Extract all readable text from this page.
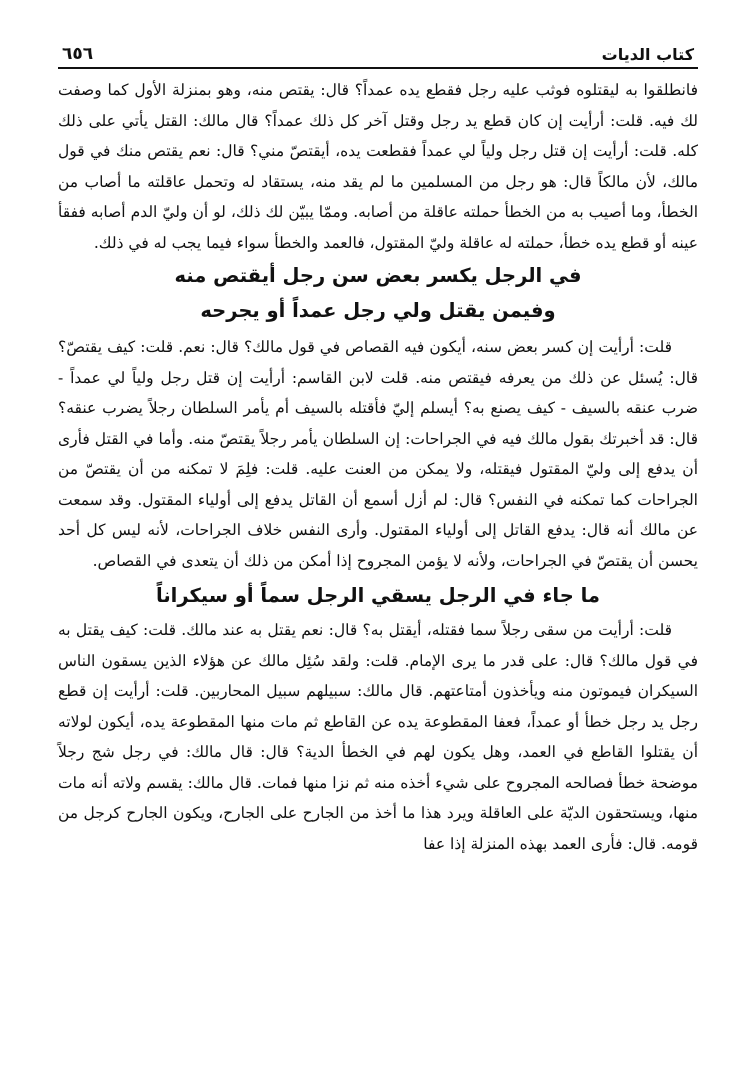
كتاب الديات
٦٥٦

فانطلقوا به ليقتلوه فوثب عليه رجل فقطع يده عمداً؟ قال: يقتص منه، وهو بمنزلة الأول كما وصفت لك فيه. قلت: أرأيت إن كان قطع يد رجل وقتل آخر كل ذلك عمداً؟ قال مالك: القتل يأتي على ذلك كله. قلت: أرأيت إن قتل رجل ولياً لي عمداً فقطعت يده، أيقتصّ مني؟ قال: نعم يقتص منك في قول مالك، لأن مالكاً قال: هو رجل من المسلمين ما لم يقد منه، يستقاد له وتحمل عاقلته ما أصاب من الخطأ، وما أصيب به من الخطأ حملته عاقلة من أصابه. وممّا يبيّن لك ذلك، لو أن وليّ الدم أصابه ففقأ عينه أو قطع يده خطأ، حملته له عاقلة وليّ المقتول، فالعمد والخطأ سواء فيما يجب له في ذلك.

في الرجل يكسر بعض سن رجل أيقتص منه
وفيمن يقتل ولي رجل عمداً أو يجرحه

قلت: أرأيت إن كسر بعض سنه، أيكون فيه القصاص في قول مالك؟ قال: نعم. قلت: كيف يقتصّ؟ قال: يُسئل عن ذلك من يعرفه فيقتص منه. قلت لابن القاسم: أرأيت إن قتل رجل ولياً لي عمداً - ضرب عنقه بالسيف - كيف يصنع به؟ أيسلم إليّ فأقتله بالسيف أم يأمر السلطان رجلاً يضرب عنقه؟ قال: قد أخبرتك بقول مالك فيه في الجراحات: إن السلطان يأمر رجلاً يقتصّ منه. وأما في القتل فأرى أن يدفع إلى وليّ المقتول فيقتله، ولا يمكن من العنت عليه. قلت: فلِمَ لا تمكنه من أن يقتصّ من الجراحات كما تمكنه في النفس؟ قال: لم أزل أسمع أن القاتل يدفع إلى أولياء المقتول. وقد سمعت عن مالك أنه قال: يدفع القاتل إلى أولياء المقتول. وأرى النفس خلاف الجراحات، لأنه ليس كل أحد يحسن أن يقتصّ في الجراحات، ولأنه لا يؤمن المجروح إذا أمكن من ذلك أن يتعدى في القصاص.

ما جاء في الرجل يسقي الرجل سماً أو سيكراناً

قلت: أرأيت من سقى رجلاً سما فقتله، أيقتل به؟ قال: نعم يقتل به عند مالك. قلت: كيف يقتل به في قول مالك؟ قال: على قدر ما يرى الإمام. قلت: ولقد سُئِل مالك عن هؤلاء الذين يسقون الناس السيكران فيموتون منه ويأخذون أمتاعتهم. قال مالك: سبيلهم سبيل المحاربين. قلت: أرأيت إن قطع رجل يد رجل خطأ أو عمداً، فعفا المقطوعة يده عن القاطع ثم مات منها المقطوعة يده، أيكون لولاته أن يقتلوا القاطع في العمد، وهل يكون لهم في الخطأ الدية؟ قال: قال مالك: في رجل شج رجلاً موضحة خطأ فصالحه المجروح على شيء أخذه منه ثم نزا منها فمات. قال مالك: يقسم ولاته أنه مات منها، ويستحقون الديّة على العاقلة ويرد هذا ما أخذ من الجارح على الجارح، ويكون الجارح كرجل من قومه. قال: فأرى العمد بهذه المنزلة إذا عفا
